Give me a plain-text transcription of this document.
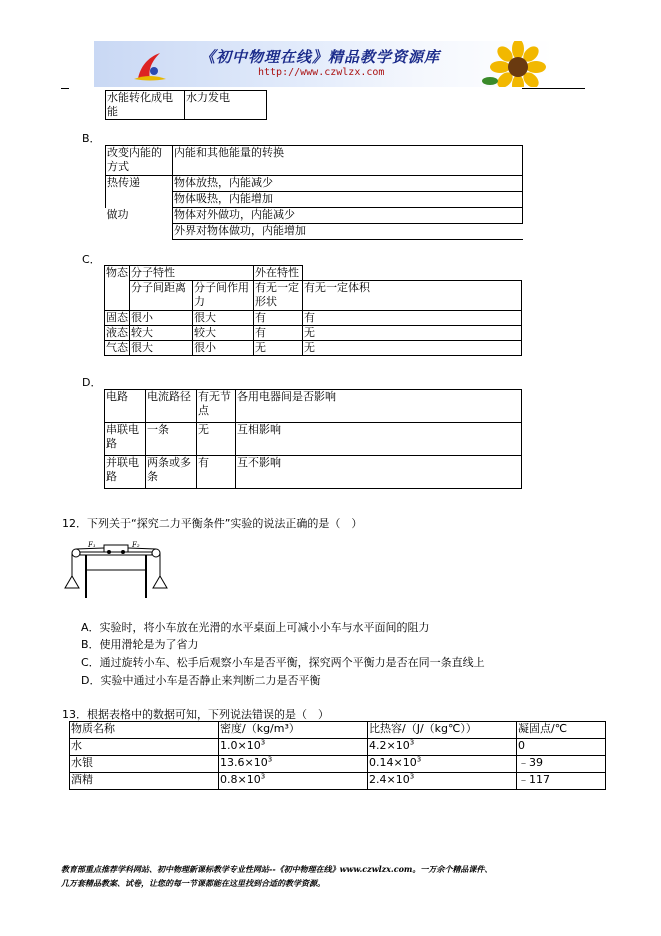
《初中物理在线》精品教学资源库
http://www.czwlzx.com
水能转化成电能	水力发电
B．
改变内能的方式	内能和其他能量的转换
热传递	物体放热，内能减少
	物体吸热，内能增加
做功	物体对外做功，内能减少
	外界对物体做功，内能增加
C．
物态	分子特性		外在特性	
	分子间距离	分子间作用力	有无一定形状	有无一定体积
固态	很小	很大	有	有
液态	较大	较大	有	无
气态	很大	很小	无	无
D．
电路	电流路径	有无节点	各用电器间是否影响
串联电路	一条	无	互相影响
并联电路	两条或多条	有	互不影响
12．下列关于“探究二力平衡条件”实验的说法正确的是（　）
F₁	F₂
A．实验时，将小车放在光滑的水平桌面上可减小小车与水平面间的阻力
B．使用滑轮是为了省力
C．通过旋转小车、松手后观察小车是否平衡，探究两个平衡力是否在同一条直线上
D．实验中通过小车是否静止来判断二力是否平衡
13．根据表格中的数据可知，下列说法错误的是（　）
物质名称	密度/（kg/m³）	比热容/（J/（kg℃））	凝固点/℃
水	$1.0\times 10^3$	$4.2\times 10^3$	0
水银	$13.6\times 10^3$	$0.14\times 10^3$	﹣39
酒精	$0.8\times 10^3$	$2.4\times 10^3$	﹣117
教育部重点推荐学科网站、初中物理新课标教学专业性网站--《初中物理在线》www.czwlzx.com。一万余个精品课件、
几万套精品教案、试卷，让您的每一节课都能在这里找到合适的教学资源。
